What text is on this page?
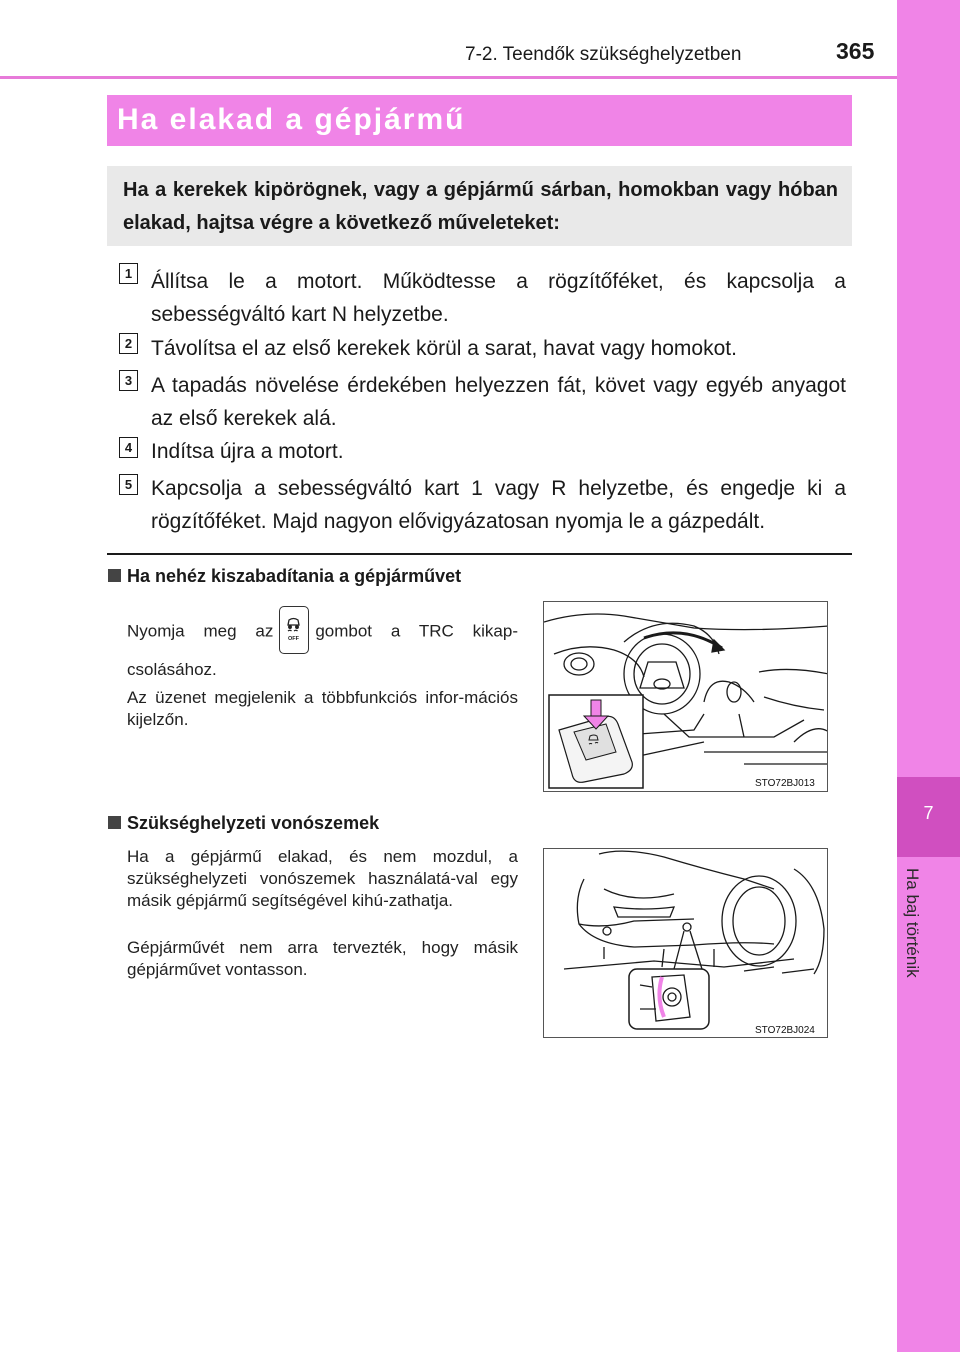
7-2. Teendők szükséghelyzetben	365
7
Ha baj történik
Ha elakad a gépjármű
Ha a kerekek kipörögnek, vagy a gépjármű sárban, homokban vagy hóban elakad, hajtsa végre a következő műveleteket:
1 Állítsa le a motort. Működtesse a rögzítőféket, és kapcsolja a sebességváltó kart N helyzetbe.
2 Távolítsa el az első kerekek körül a sarat, havat vagy homokot.
3 A tapadás növelése érdekében helyezzen fát, követ vagy egyéb anyagot az első kerekek alá.
4 Indítsa újra a motort.
5 Kapcsolja a sebességváltó kart 1 vagy R helyzetbe, és engedje ki a rögzítőféket. Majd nagyon elővigyázatosan nyomja le a gázpedált.
Ha nehéz kiszabadítania a gépjárművet
Nyomja meg az	OFF gombot a TRC kikap-csolásához.
Az üzenet megjelenik a többfunkciós infor-mációs kijelzőn.
STO72BJ013
Szükséghelyzeti vonószemek
Ha a gépjármű elakad, és nem mozdul, a szükséghelyzeti vonószemek használatá-val egy másik gépjármű segítségével kihú-zathatja.
Gépjárművét nem arra tervezték, hogy másik gépjárművet vontasson.
STO72BJ024
